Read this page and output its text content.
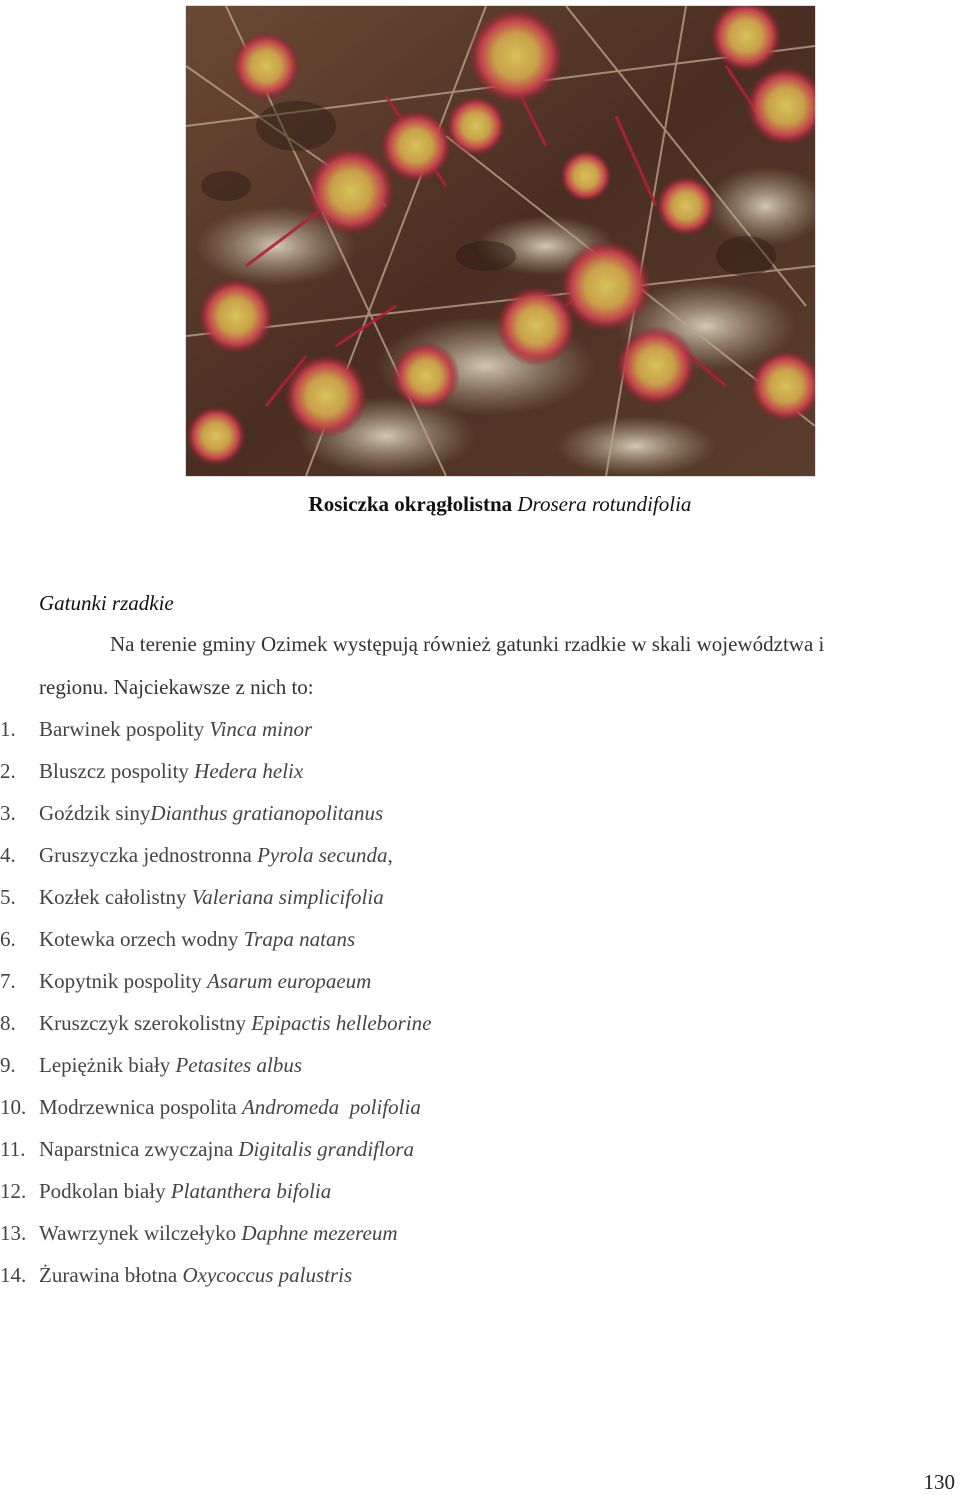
Rosiczka okrągłolistna Drosera rotundifolia
Gatunki rzadkie
Na terenie gminy Ozimek występują również gatunki rzadkie w skali województwa i
regionu. Najciekawsze z nich to:
1. Barwinek pospolity Vinca minor
2. Bluszcz pospolity Hedera helix
3. Goździk sinyDianthus gratianopolitanus
4. Gruszyczka jednostronna Pyrola secunda,
5. Kozłek całolistny Valeriana simplicifolia
6. Kotewka orzech wodny Trapa natans
7. Kopytnik pospolity Asarum europaeum
8. Kruszczyk szerokolistny Epipactis helleborine
9. Lepiężnik biały Petasites albus
10. Modrzewnica pospolita Andromeda  polifolia
11. Naparstnica zwyczajna Digitalis grandiflora
12. Podkolan biały Platanthera bifolia
13. Wawrzynek wilczełyko Daphne mezereum
14. Żurawina błotna Oxycoccus palustris
130
